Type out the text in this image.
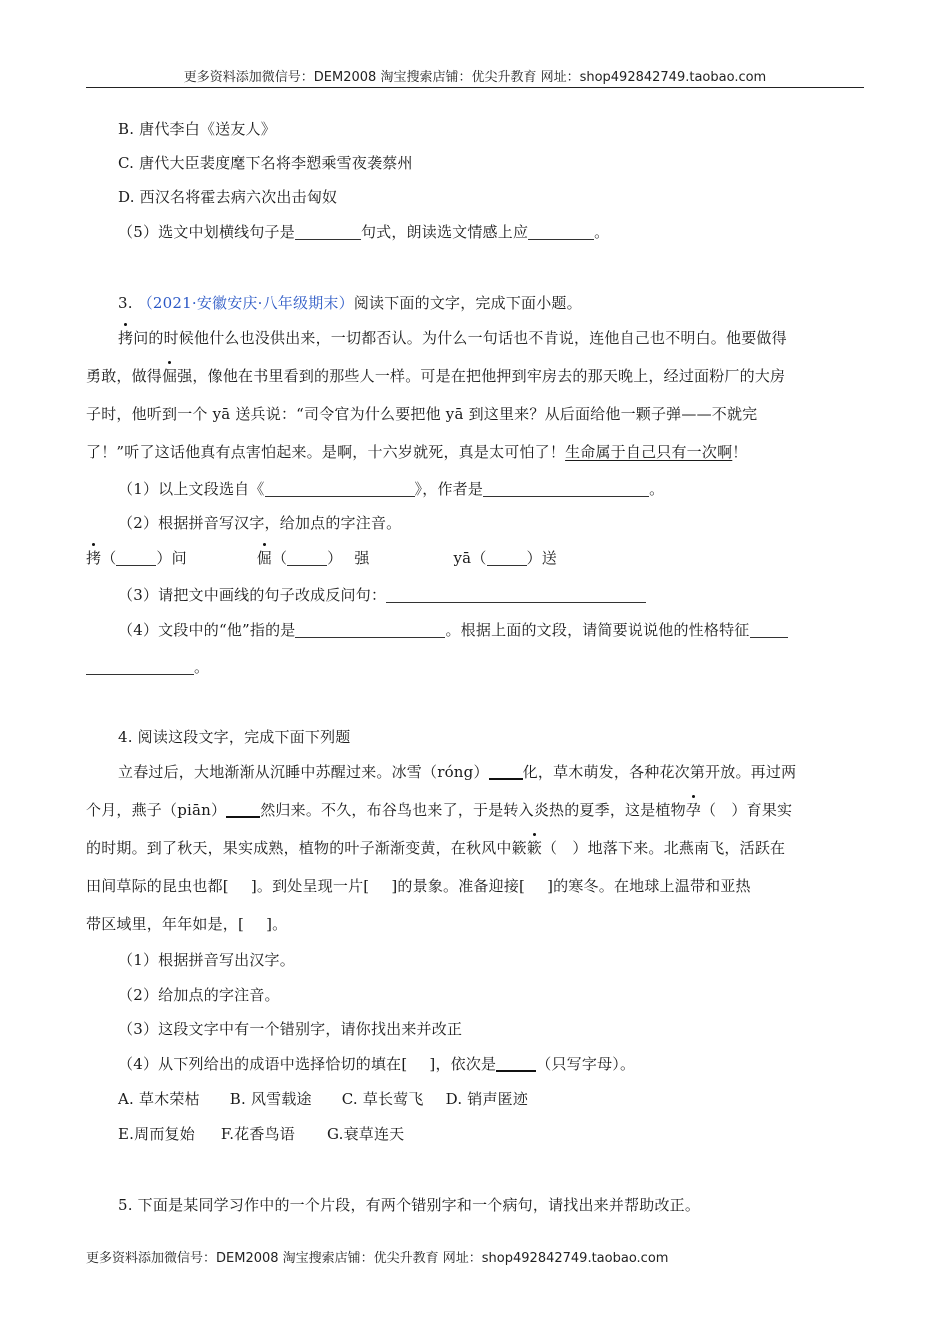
更多资料添加微信号：DEM2008 淘宝搜索店铺：优尖升教育 网址：shop492842749.taobao.com
B. 唐代李白《送友人》
C. 唐代大臣裴度麾下名将李愬乘雪夜袭蔡州
D. 西汉名将霍去病六次出击匈奴
（5）选文中划横线句子是	句式，朗读选文情感上应	。
3. （2021·安徽安庆·八年级期末）阅读下面的文字，完成下面小题。
拷问的时候他什么也没供出来，一切都否认。为什么一句话也不肯说，连他自己也不明白。他要做得
勇敢，做得倔强，像他在书里看到的那些人一样。可是在把他押到牢房去的那天晚上，经过面粉厂的大房
子时，他听到一个 yā 送兵说：“司令官为什么要把他 yā 到这里来？从后面给他一颗子弹——不就完
了！”听了这话他真有点害怕起来。是啊，十六岁就死，真是太可怕了！生命属于自己只有一次啊！
（1）以上文段选自《	》，作者是	。
（2）根据拼音写汉字，给加点的字注音。
拷（	）问	倔（	） 强	yā（	）送
（3）请把文中画线的句子改成反问句：
（4）文段中的“他”指的是	。根据上面的文段，请简要说说他的性格特征
。
4. 阅读这段文字，完成下面下列题
立春过后，大地渐渐从沉睡中苏醒过来。冰雪（róng） 化，草木萌发，各种花次第开放。再过两
个月，燕子（piān） 然归来。不久，布谷鸟也来了，于是转入炎热的夏季，这是植物孕（　）育果实
的时期。到了秋天，果实成熟，植物的叶子渐渐变黄，在秋风中簌簌（　）地落下来。北燕南飞，活跃在
田间草际的昆虫也都[ ]。到处呈现一片[ ]的景象。准备迎接[ ]的寒冬。在地球上温带和亚热
带区域里，年年如是，[ ]。
（1）根据拼音写出汉字。
（2）给加点的字注音。
（3）这段文字中有一个错别字，请你找出来并改正
（4）从下列给出的成语中选择恰切的填在[ ]，依次是	（只写字母）。
A. 草木荣枯 B. 风雪载途 C. 草长莺飞 D. 销声匿迹
E.周而复始 F.花香鸟语 G.衰草连天
5. 下面是某同学习作中的一个片段，有两个错别字和一个病句，请找出来并帮助改正。
更多资料添加微信号：DEM2008 淘宝搜索店铺：优尖升教育 网址：shop492842749.taobao.com
